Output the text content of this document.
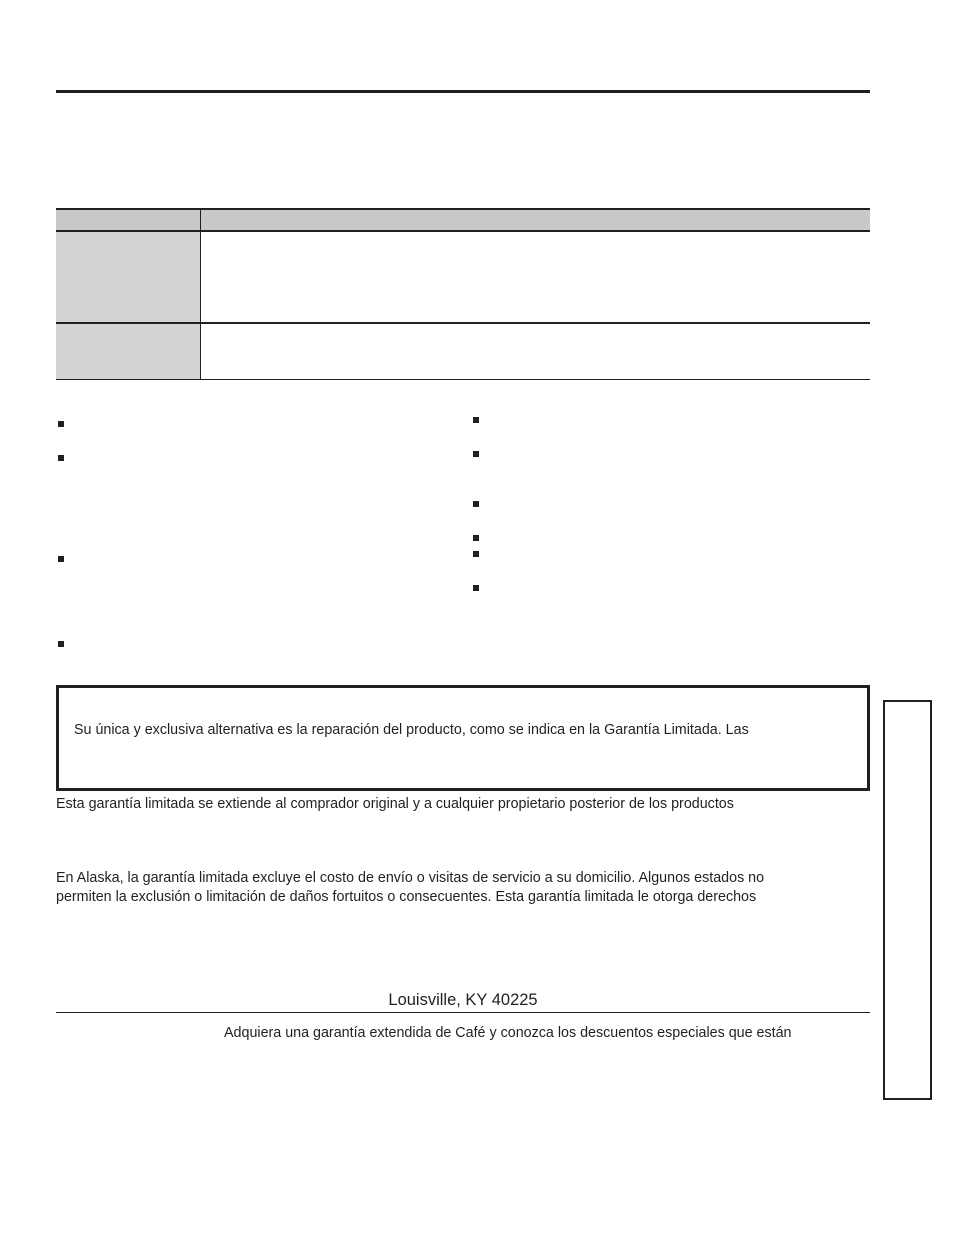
Su única y exclusiva alternativa es la reparación del producto, como se indica en la Garantía Limitada. Las
Esta garantía limitada se extiende al comprador original y a cualquier propietario posterior de los productos
En Alaska, la garantía limitada excluye el costo de envío o visitas de servicio a su domicilio. Algunos estados no
permiten la exclusión o limitación de daños fortuitos o consecuentes. Esta garantía limitada le otorga derechos
Louisville, KY 40225
Adquiera una garantía extendida de Café y conozca los descuentos especiales que están
